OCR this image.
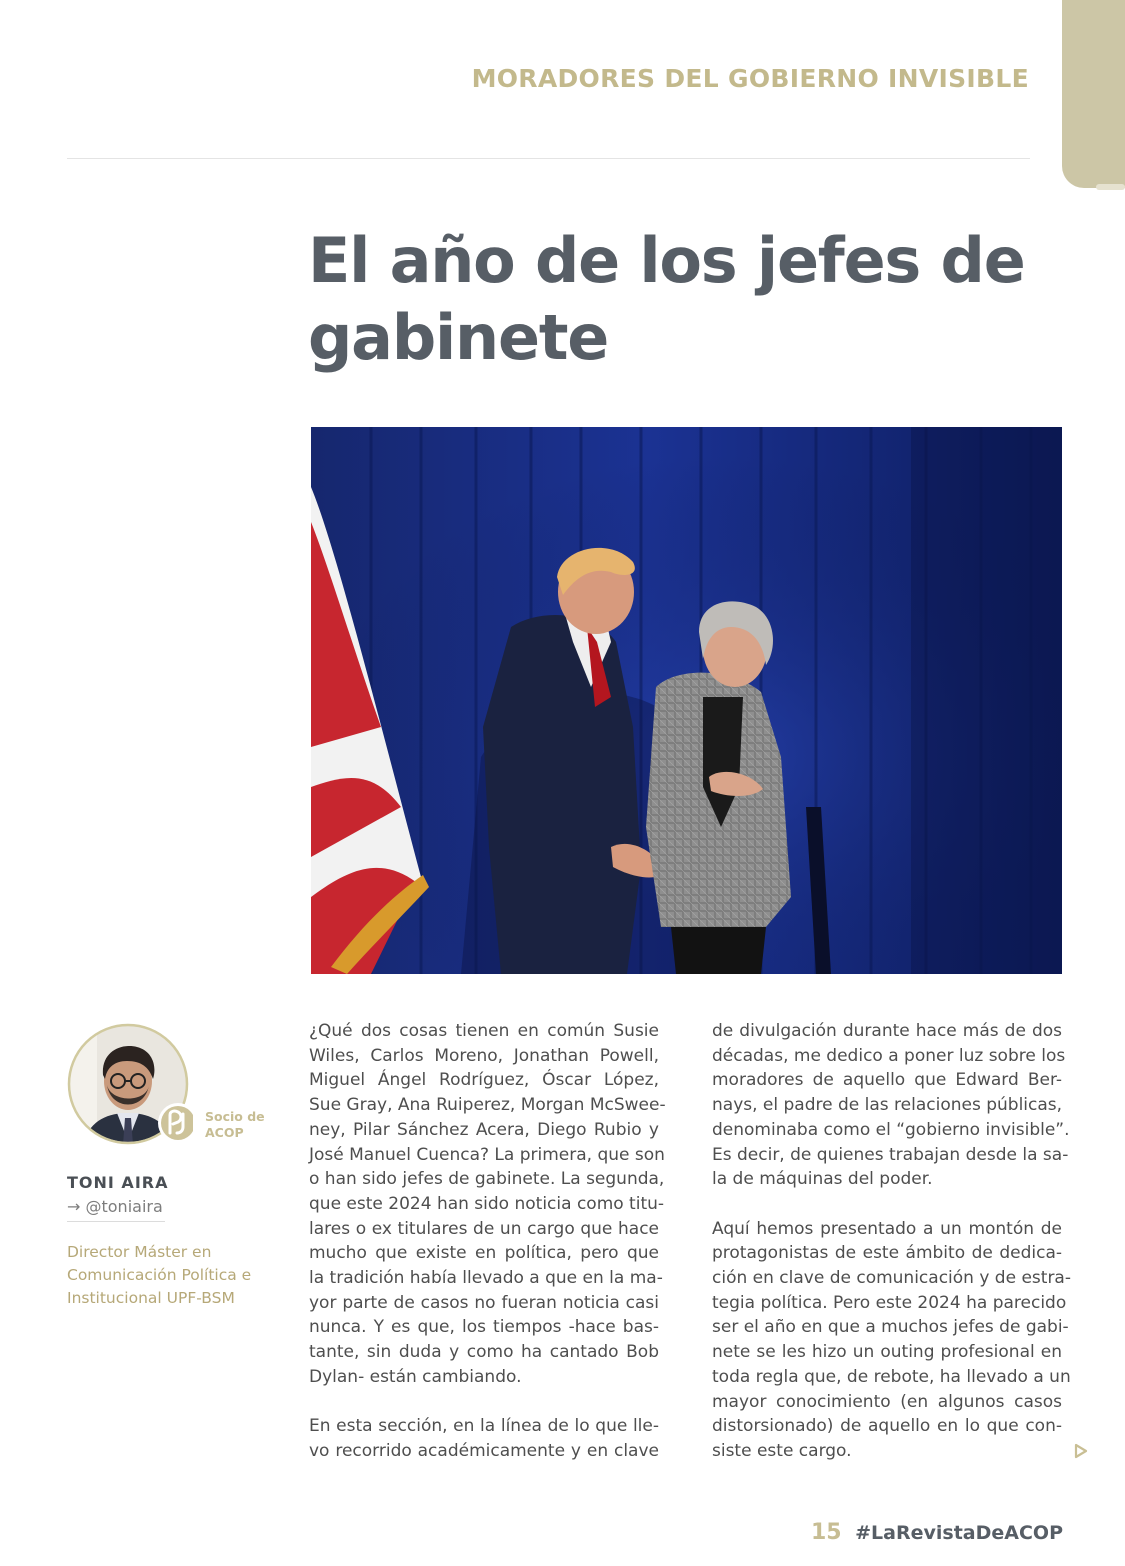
MORADORES DEL GOBIERNO INVISIBLE
El año de los jefes de gabinete
Socio de
ACOP
TONI AIRA
→ @toniaira
Director Máster en
Comunicación Política e
Institucional UPF-BSM

¿Qué dos cosas tienen en común Susie
Wiles, Carlos Moreno, Jonathan Powell,
Miguel Ángel Rodríguez, Óscar López,
Sue Gray, Ana Ruiperez, Morgan McSwee-
ney, Pilar Sánchez Acera, Diego Rubio y
José Manuel Cuenca? La primera, que son
o han sido jefes de gabinete. La segunda,
que este 2024 han sido noticia como titu-
lares o ex titulares de un cargo que hace
mucho que existe en política, pero que
la tradición había llevado a que en la ma-
yor parte de casos no fueran noticia casi
nunca. Y es que, los tiempos -hace bas-
tante, sin duda y como ha cantado Bob
Dylan- están cambiando.

En esta sección, en la línea de lo que lle-
vo recorrido académicamente y en clave

de divulgación durante hace más de dos
décadas, me dedico a poner luz sobre los
moradores de aquello que Edward Ber-
nays, el padre de las relaciones públicas,
denominaba como el “gobierno invisible”.
Es decir, de quienes trabajan desde la sa-
la de máquinas del poder.

Aquí hemos presentado a un montón de
protagonistas de este ámbito de dedica-
ción en clave de comunicación y de estra-
tegia política. Pero este 2024 ha parecido
ser el año en que a muchos jefes de gabi-
nete se les hizo un outing profesional en
toda regla que, de rebote, ha llevado a un
mayor conocimiento (en algunos casos
distorsionado) de aquello en lo que con-
siste este cargo.

15 #LaRevistaDeACOP
